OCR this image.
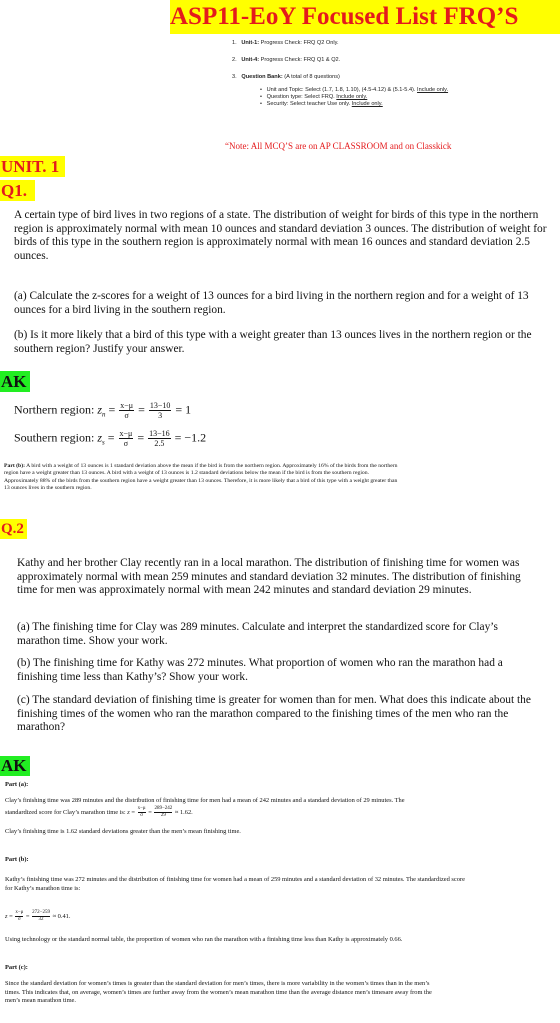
ASP11-EoY Focused List FRQ’S
1. Unit-1: Progress Check: FRQ Q2 Only.
2. Unit-4: Progress Check: FRQ Q1 & Q2.
3. Question Bank: (A total of 8 questions)
• Unit and Topic: Select (1.7, 1.8, 1.10), (4.5-4.12) & (5.1-5.4). Include only.
• Question type: Select FRQ. Include only.
• Security: Select teacher Use only. Include only.
“Note: All MCQ’S are on AP CLASSROOM and on Classkick
UNIT. 1
Q1.
A certain type of bird lives in two regions of a state. The distribution of weight for birds of this type in the northern region is approximately normal with mean 10 ounces and standard deviation 3 ounces. The distribution of weight for birds of this type in the southern region is approximately normal with mean 16 ounces and standard deviation 2.5 ounces.
(a) Calculate the z-scores for a weight of 13 ounces for a bird living in the northern region and for a weight of 13 ounces for a bird living in the southern region.
(b) Is it more likely that a bird of this type with a weight greater than 13 ounces lives in the northern region or the southern region? Justify your answer.
AK
Northern region: $z_n = \frac{x-\mu}{\sigma} = \frac{13-10}{3} = 1$
Southern region: $z_s = \frac{x-\mu}{\sigma} = \frac{13-16}{2.5} = -1.2$
Part (b): A bird with a weight of 13 ounces is 1 standard deviation above the mean if the bird is from the northern region. Approximately 16% of the birds from the northern region have a weight greater than 13 ounces. A bird with a weight of 13 ounces is 1.2 standard deviations below the mean if the bird is from the southern region. Approximately 88% of the birds from the southern region have a weight greater than 13 ounces. Therefore, it is more likely that a bird of this type with a weight greater than 13 ounces lives in the southern region.
Q.2
Kathy and her brother Clay recently ran in a local marathon. The distribution of finishing time for women was approximately normal with mean 259 minutes and standard deviation 32 minutes. The distribution of finishing time for men was approximately normal with mean 242 minutes and standard deviation 29 minutes.
(a) The finishing time for Clay was 289 minutes. Calculate and interpret the standardized score for Clay’s marathon time. Show your work.
(b) The finishing time for Kathy was 272 minutes. What proportion of women who ran the marathon had a finishing time less than Kathy’s? Show your work.
(c) The standard deviation of finishing time is greater for women than for men. What does this indicate about the finishing times of the women who ran the marathon compared to the finishing times of the men who ran the marathon?
AK
Part (a):
Clay’s finishing time was 289 minutes and the distribution of finishing time for men had a mean of 242 minutes and a standard deviation of 29 minutes. The standardized score for Clay’s marathon time is: $z = \frac{x-\mu}{\sigma} = \frac{289-242}{29} \approx 1.62$.
Clay’s finishing time is 1.62 standard deviations greater than the men’s mean finishing time.
Part (b):
Kathy’s finishing time was 272 minutes and the distribution of finishing time for women had a mean of 259 minutes and a standard deviation of 32 minutes. The standardized score for Kathy’s marathon time is:
$z = \frac{x-\mu}{\sigma} = \frac{272-259}{32} \approx 0.41$.
Using technology or the standard normal table, the proportion of women who ran the marathon with a finishing time less than Kathy is approximately 0.66.
Part (c):
Since the standard deviation for women’s times is greater than the standard deviation for men’s times, there is more variability in the women’s times than in the men’s times. This indicates that, on average, women’s times are further away from the women’s mean marathon time than the average distance men’s timesare away from the men’s mean marathon time.
